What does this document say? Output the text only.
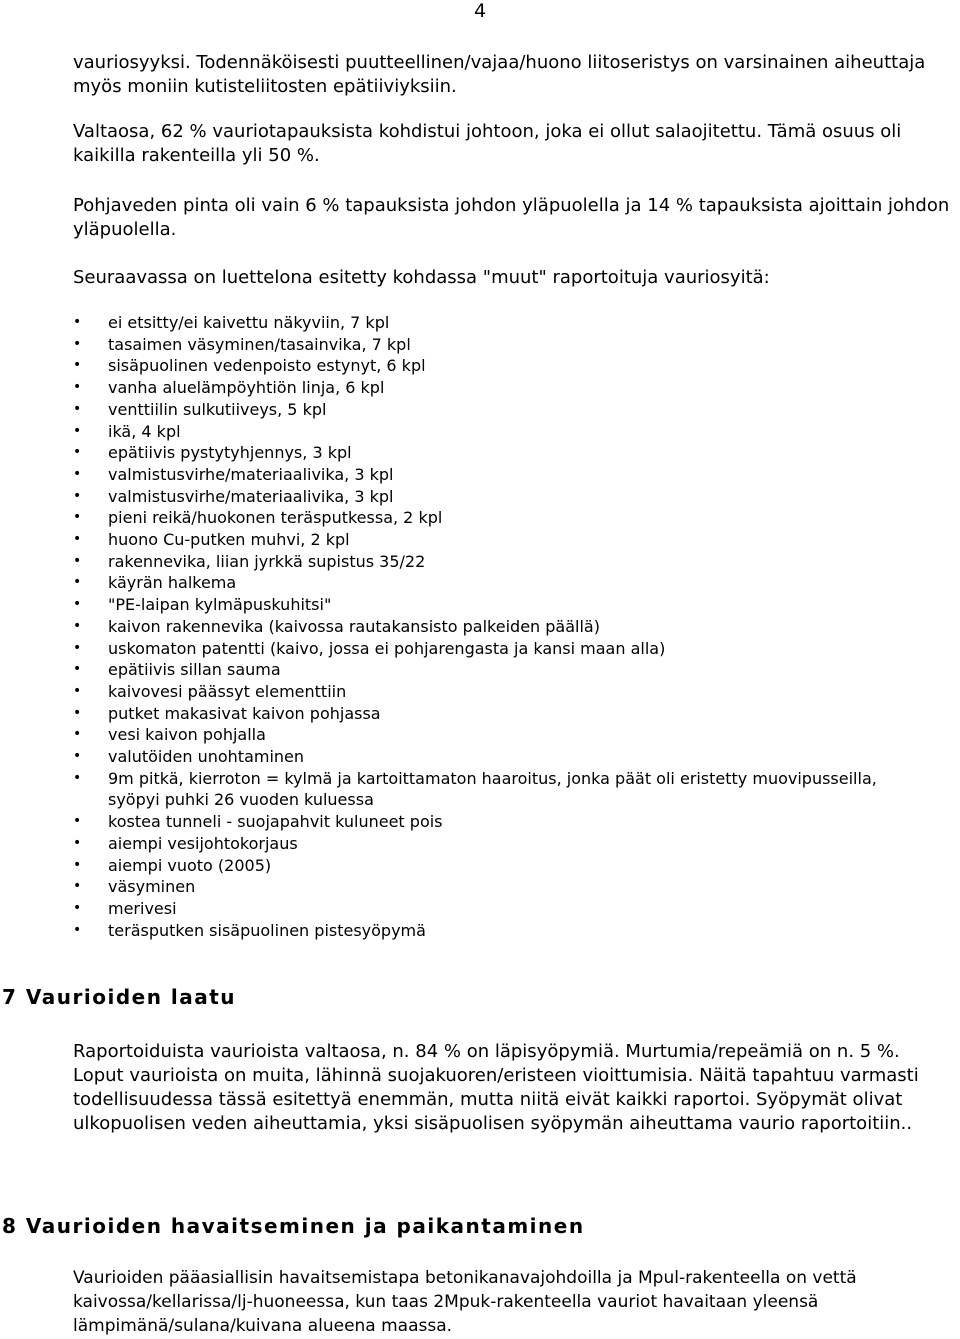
4

vauriosyyksi. Todennäköisesti puutteellinen/vajaa/huono liitoseristys on varsinainen aiheuttaja myös moniin kutisteliitosten epätiiviyksiin.

Valtaosa, 62 % vauriotapauksista kohdistui johtoon, joka ei ollut salaojitettu. Tämä osuus oli kaikilla rakenteilla yli 50 %.

Pohjaveden pinta oli vain 6 % tapauksista johdon yläpuolella ja 14 % tapauksista ajoittain johdon yläpuolella.

Seuraavassa on luettelona esitetty kohdassa "muut" raportoituja vauriosyitä:

• ei etsitty/ei kaivettu näkyviin, 7 kpl
• tasaimen väsyminen/tasainvika, 7 kpl
• sisäpuolinen vedenpoisto estynyt, 6 kpl
• vanha aluelämpöyhtiön linja, 6 kpl
• venttiilin sulkutiiveys, 5 kpl
• ikä, 4 kpl
• epätiivis pystytyhjennys, 3 kpl
• valmistusvirhe/materiaalivika, 3 kpl
• valmistusvirhe/materiaalivika, 3 kpl
• pieni reikä/huokonen teräsputkessa, 2 kpl
• huono Cu-putken muhvi, 2 kpl
• rakennevika, liian jyrkkä supistus 35/22
• käyrän halkema
• "PE-laipan kylmäpuskuhitsi"
• kaivon rakennevika (kaivossa rautakansisto palkeiden päällä)
• uskomaton patentti (kaivo, jossa ei pohjarengasta ja kansi maan alla)
• epätiivis sillan sauma
• kaivovesi päässyt elementtiin
• putket makasivat kaivon pohjassa
• vesi kaivon pohjalla
• valutöiden unohtaminen
• 9m pitkä, kierroton = kylmä ja kartoittamaton haaroitus, jonka päät oli eristetty muovipusseilla, syöpyi puhki 26 vuoden kuluessa
• kostea tunneli - suojapahvit kuluneet pois
• aiempi vesijohtokorjaus
• aiempi vuoto (2005)
• väsyminen
• merivesi
• teräsputken sisäpuolinen pistesyöpymä
7 Vaurioiden laatu

Raportoiduista vaurioista valtaosa, n. 84 % on läpisyöpymiä. Murtumia/repeämiä on n. 5 %. Loput vaurioista on muita, lähinnä suojakuoren/eristeen vioittumisia. Näitä tapahtuu varmasti todellisuudessa tässä esitettyä enemmän, mutta niitä eivät kaikki raportoi. Syöpymät olivat ulkopuolisen veden aiheuttamia, yksi sisäpuolisen syöpymän aiheuttama vaurio raportoitiin..

8 Vaurioiden havaitseminen ja paikantaminen

Vaurioiden pääasiallisin havaitsemistapa betonikanavajohdoilla ja Mpul-rakenteella on vettä kaivossa/kellarissa/lj-huoneessa, kun taas 2Mpuk-rakenteella vauriot havaitaan yleensä lämpimänä/sulana/kuivana alueena maassa.
